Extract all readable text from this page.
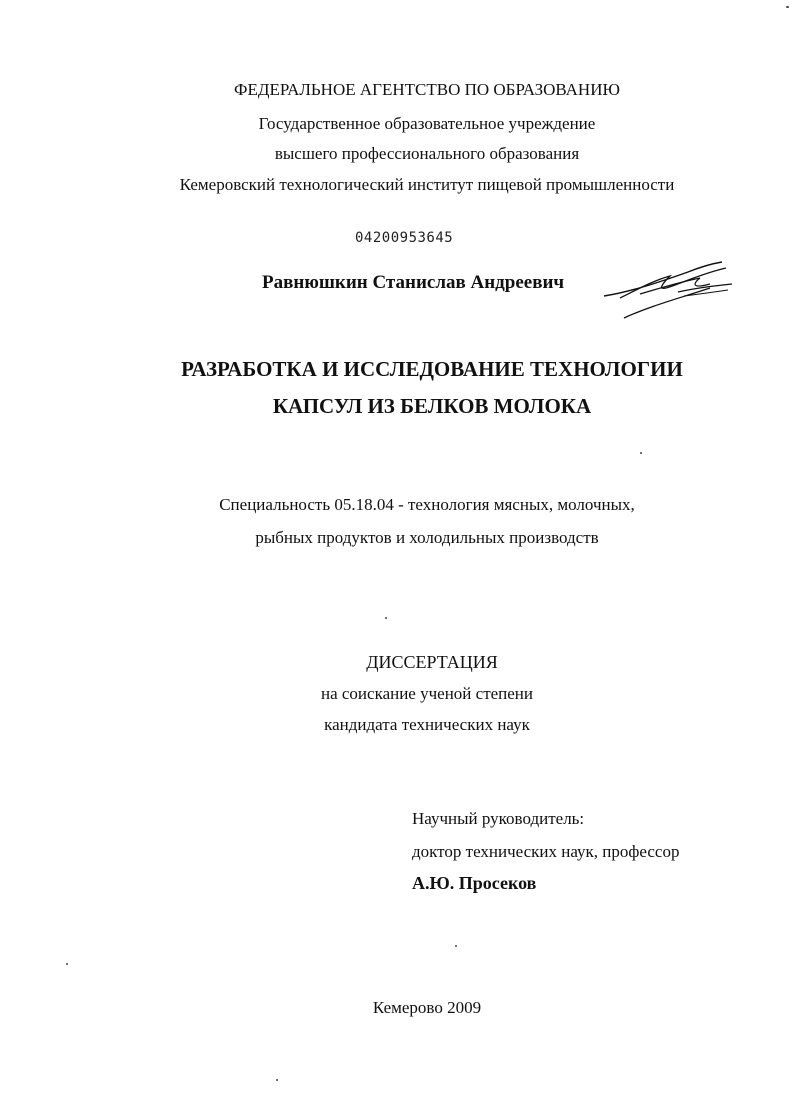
ФЕДЕРАЛЬНОЕ АГЕНТСТВО ПО ОБРАЗОВАНИЮ
Государственное образовательное учреждение
высшего профессионального образования
Кемеровский технологический институт пищевой промышленности
04200953645
Равнюшкин Станислав Андреевич
РАЗРАБОТКА И ИССЛЕДОВАНИЕ ТЕХНОЛОГИИ
КАПСУЛ ИЗ БЕЛКОВ МОЛОКА
Специальность 05.18.04 - технология мясных, молочных,
рыбных продуктов и холодильных производств
ДИССЕРТАЦИЯ
на соискание ученой степени
кандидата технических наук
Научный руководитель:
доктор технических наук, профессор
А.Ю. Просеков
Кемерово 2009
